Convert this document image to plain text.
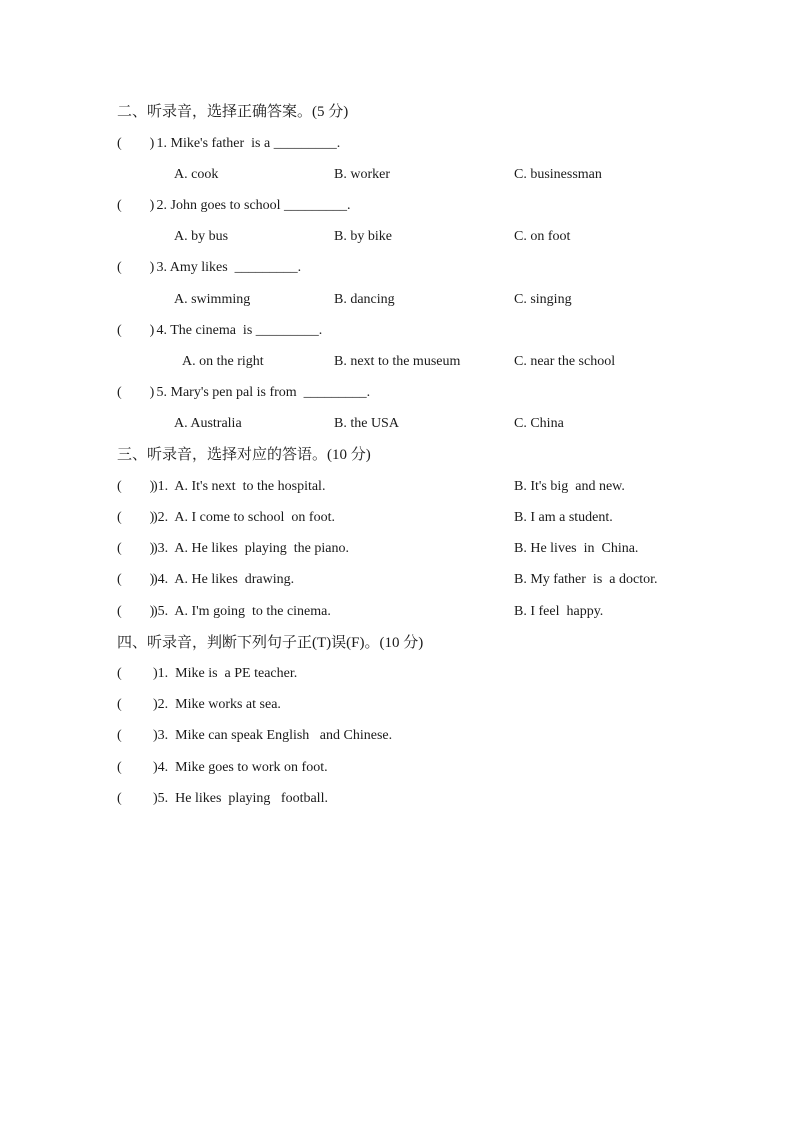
二、听录音，选择正确答案。(5 分)
(        )
1. Mike's father  is a _________.
A. cook	B. worker	C. businessman
(        )
2. John goes to school _________.
A. by bus	B. by bike	C. on foot
(        )
3. Amy likes  _________.
A. swimming	B. dancing	C. singing
(        )
4. The cinema  is _________.
A. on the right	B. next to the museum	C. near the school
(        )
5. Mary's pen pal is from  _________.
A. Australia	B. the USA	C. China
三、听录音，选择对应的答语。(10 分)
(        )
)1.  A. It's next  to the hospital.	B. It's big  and new.
(        )
)2.  A. I come to school  on foot.	B. I am a student.
(        )
)3.  A. He likes  playing  the piano.	B. He lives  in  China.
(        )
)4.  A. He likes  drawing.	B. My father  is  a doctor.
(        )
)5.  A. I'm going  to the cinema.	B. I feel  happy.
四、听录音，判断下列句子正(T)误(F)。(10 分)
( )1.  Mike is  a PE teacher.
( )2.  Mike works at sea.
( )3.  Mike can speak English   and Chinese.
( )4.  Mike goes to work on foot.
( )5.  He likes  playing   football.
